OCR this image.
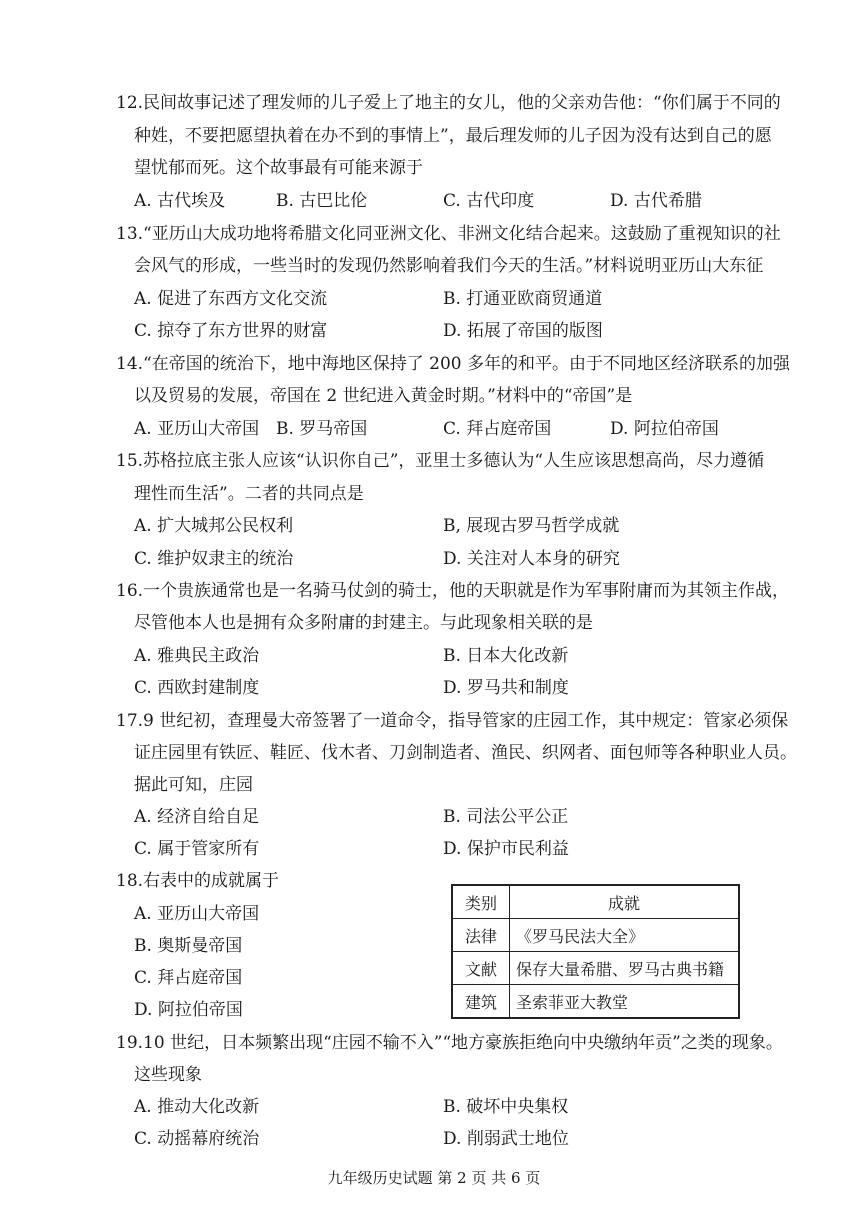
12.民间故事记述了理发师的儿子爱上了地主的女儿，他的父亲劝告他：“你们属于不同的
种姓，不要把愿望执着在办不到的事情上”，最后理发师的儿子因为没有达到自己的愿
望忧郁而死。这个故事最有可能来源于
A. 古代埃及	B. 古巴比伦	C. 古代印度	D. 古代希腊
13.“亚历山大成功地将希腊文化同亚洲文化、非洲文化结合起来。这鼓励了重视知识的社
会风气的形成，一些当时的发现仍然影响着我们今天的生活。”材料说明亚历山大东征
A. 促进了东西方文化交流	B. 打通亚欧商贸通道
C. 掠夺了东方世界的财富	D. 拓展了帝国的版图
14.“在帝国的统治下，地中海地区保持了 200 多年的和平。由于不同地区经济联系的加强
以及贸易的发展，帝国在 2 世纪进入黄金时期。”材料中的“帝国”是
A. 亚历山大帝国 B. 罗马帝国	C. 拜占庭帝国	D. 阿拉伯帝国
15.苏格拉底主张人应该“认识你自己”，亚里士多德认为“人生应该思想高尚，尽力遵循
理性而生活”。二者的共同点是
A. 扩大城邦公民权利	B, 展现古罗马哲学成就
C. 维护奴隶主的统治	D. 关注对人本身的研究
16.一个贵族通常也是一名骑马仗剑的骑士，他的天职就是作为军事附庸而为其领主作战，
尽管他本人也是拥有众多附庸的封建主。与此现象相关联的是
A. 雅典民主政治	B. 日本大化改新
C. 西欧封建制度	D. 罗马共和制度
17.9 世纪初，查理曼大帝签署了一道命令，指导管家的庄园工作，其中规定：管家必须保
证庄园里有铁匠、鞋匠、伐木者、刀剑制造者、渔民、织网者、面包师等各种职业人员。
据此可知，庄园
A. 经济自给自足	B. 司法公平公正
C. 属于管家所有	D. 保护市民利益
18.右表中的成就属于
A. 亚历山大帝国
B. 奥斯曼帝国
C. 拜占庭帝国
D. 阿拉伯帝国
类别	成就
法律	《罗马民法大全》
文献	保存大量希腊、罗马古典书籍
建筑	圣索菲亚大教堂
19.10 世纪，日本频繁出现“庄园不输不入”“地方豪族拒绝向中央缴纳年贡”之类的现象。
这些现象
A. 推动大化改新	B. 破坏中央集权
C. 动摇幕府统治	D. 削弱武士地位
九年级历史试题 第 2 页 共 6 页
